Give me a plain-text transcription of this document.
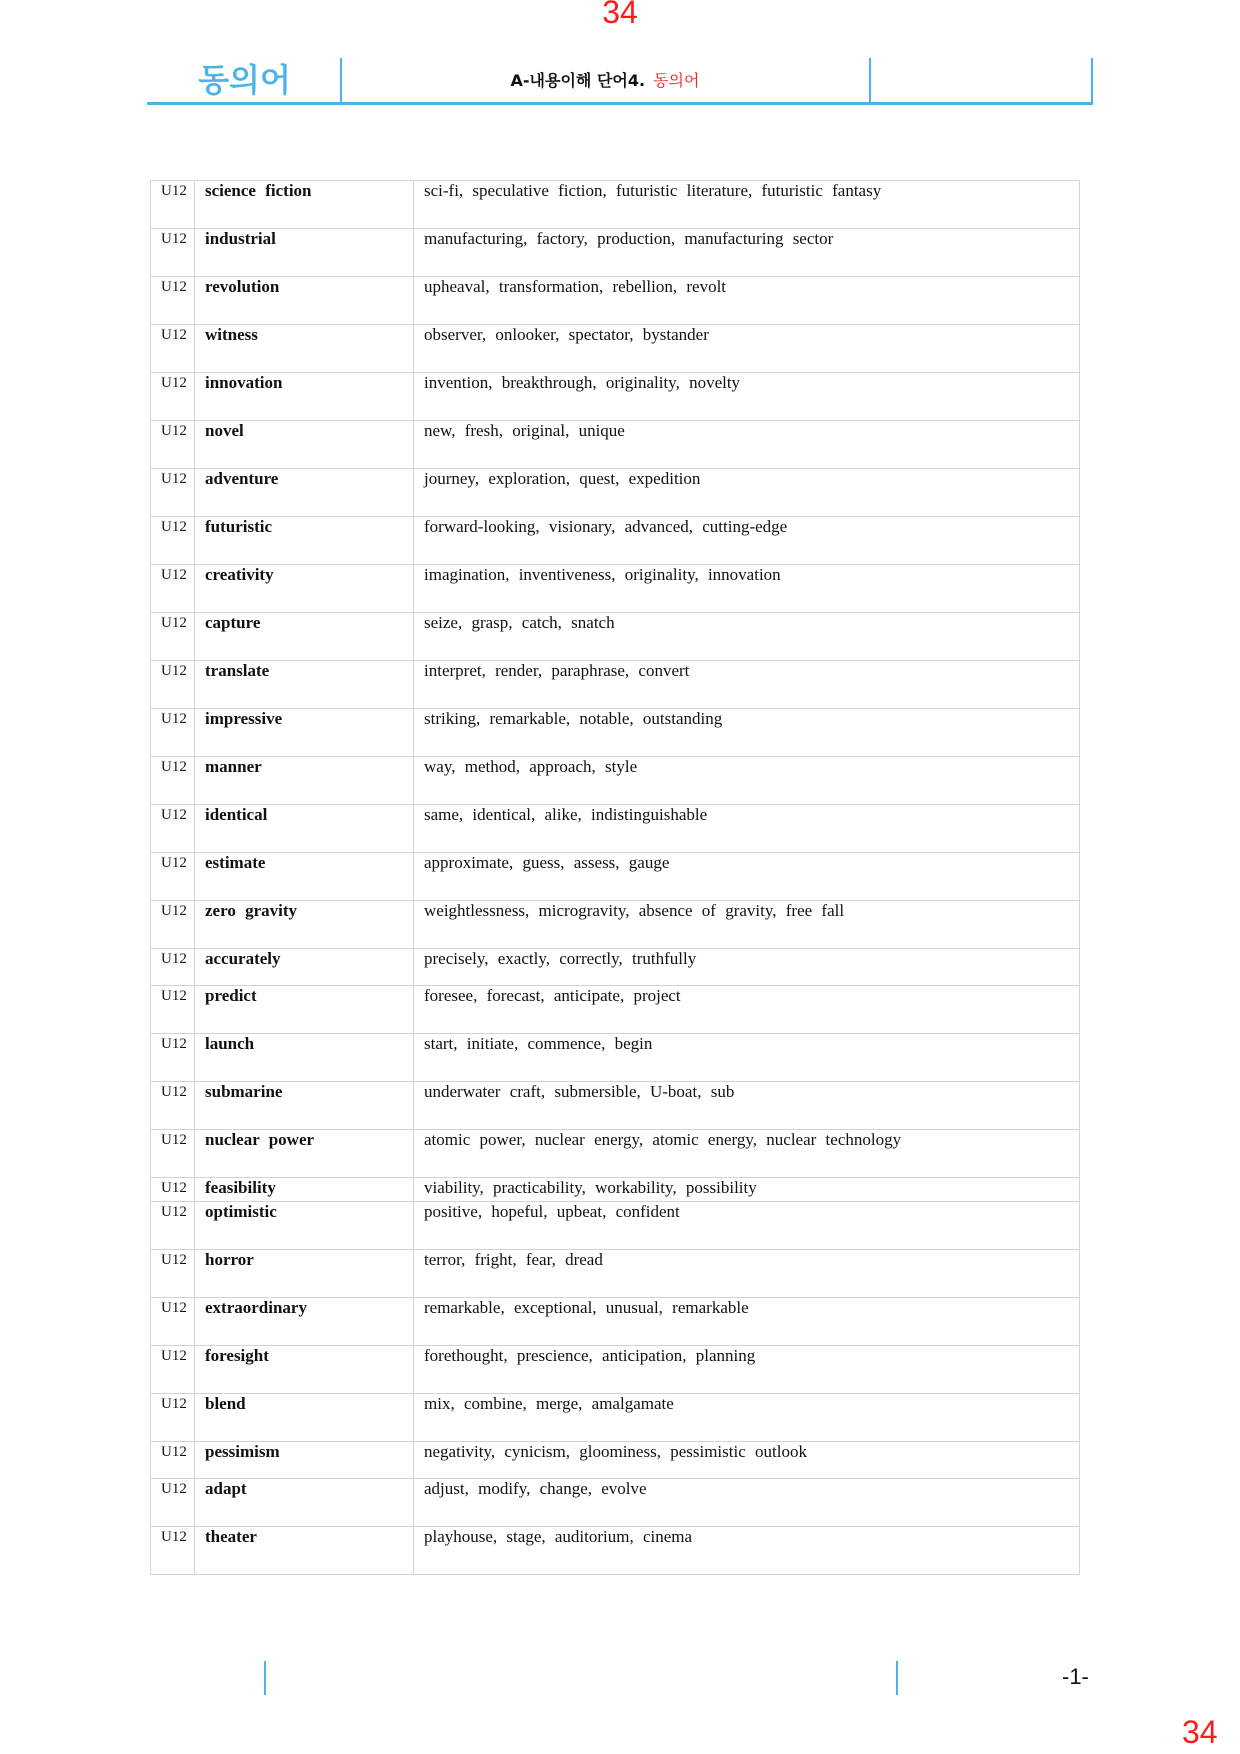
34
동의어	A-내용이해 단어4. 동의어
U12	science fiction	sci-fi, speculative fiction, futuristic literature, futuristic fantasy
U12	industrial	manufacturing, factory, production, manufacturing sector
U12	revolution	upheaval, transformation, rebellion, revolt
U12	witness	observer, onlooker, spectator, bystander
U12	innovation	invention, breakthrough, originality, novelty
U12	novel	new, fresh, original, unique
U12	adventure	journey, exploration, quest, expedition
U12	futuristic	forward-looking, visionary, advanced, cutting-edge
U12	creativity	imagination, inventiveness, originality, innovation
U12	capture	seize, grasp, catch, snatch
U12	translate	interpret, render, paraphrase, convert
U12	impressive	striking, remarkable, notable, outstanding
U12	manner	way, method, approach, style
U12	identical	same, identical, alike, indistinguishable
U12	estimate	approximate, guess, assess, gauge
U12	zero gravity	weightlessness, microgravity, absence of gravity, free fall
U12	accurately	precisely, exactly, correctly, truthfully
U12	predict	foresee, forecast, anticipate, project
U12	launch	start, initiate, commence, begin
U12	submarine	underwater craft, submersible, U-boat, sub
U12	nuclear power	atomic power, nuclear energy, atomic energy, nuclear technology
U12	feasibility	viability, practicability, workability, possibility
U12	optimistic	positive, hopeful, upbeat, confident
U12	horror	terror, fright, fear, dread
U12	extraordinary	remarkable, exceptional, unusual, remarkable
U12	foresight	forethought, prescience, anticipation, planning
U12	blend	mix, combine, merge, amalgamate
U12	pessimism	negativity, cynicism, gloominess, pessimistic outlook
U12	adapt	adjust, modify, change, evolve
U12	theater	playhouse, stage, auditorium, cinema
-1-
34
